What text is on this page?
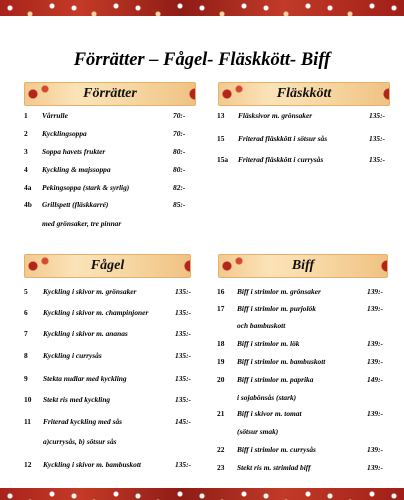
Förrätter – Fågel- Fläskkött- Biff
Förrätter
1	Vårrulle	70:-
2	Kycklingsoppa	70:-
3	Soppa havets frukter	80:-
4	Kyckling & majssoppa	80:-
4a	Pekingsoppa (stark & syrlig)	82:-
4b	Grillspett (fläskkarré)	85:-
med grönsaker, tre pinnar
Fläskkött
13	Fläsksivor m. grönsaker	135:-
15	Friterad fläskkött i sötsur sås	135:-
15a	Friterad fläskkött i currysås	135:-
Fågel
5	Kyckling i skivor m. grönsaker	135:-
6	Kyckling i skivor m. champinjoner	135:-
7	Kyckling i skivor m. ananas	135:-
8	Kyckling i currysås	135:-
9	Stekta nudlar med kyckling	135:-
10	Stekt ris med kyckling	135:-
11	Friterad kyckling med sås	145:-
a)currysås, b) sötsur sås
12	Kyckling i skivor m. bambuskott	135:-
Biff
16	Biff i strimlor m. grönsaker	139:-
17	Biff i strimlor m. purjolök	139:-
och bambuskott
18	Biff i strimlor m. lök	139:-
19	Biff i strimlor m. bambuskott	139:-
20	Biff i strimlor m. paprika	149:-
i sojabönsås (stark)
21	Biff i skivor m. tomat	139:-
(sötsur smak)
22	Biff i strimlor m. currysås	139:-
23	Stekt ris m. strimlad biff	139:-
